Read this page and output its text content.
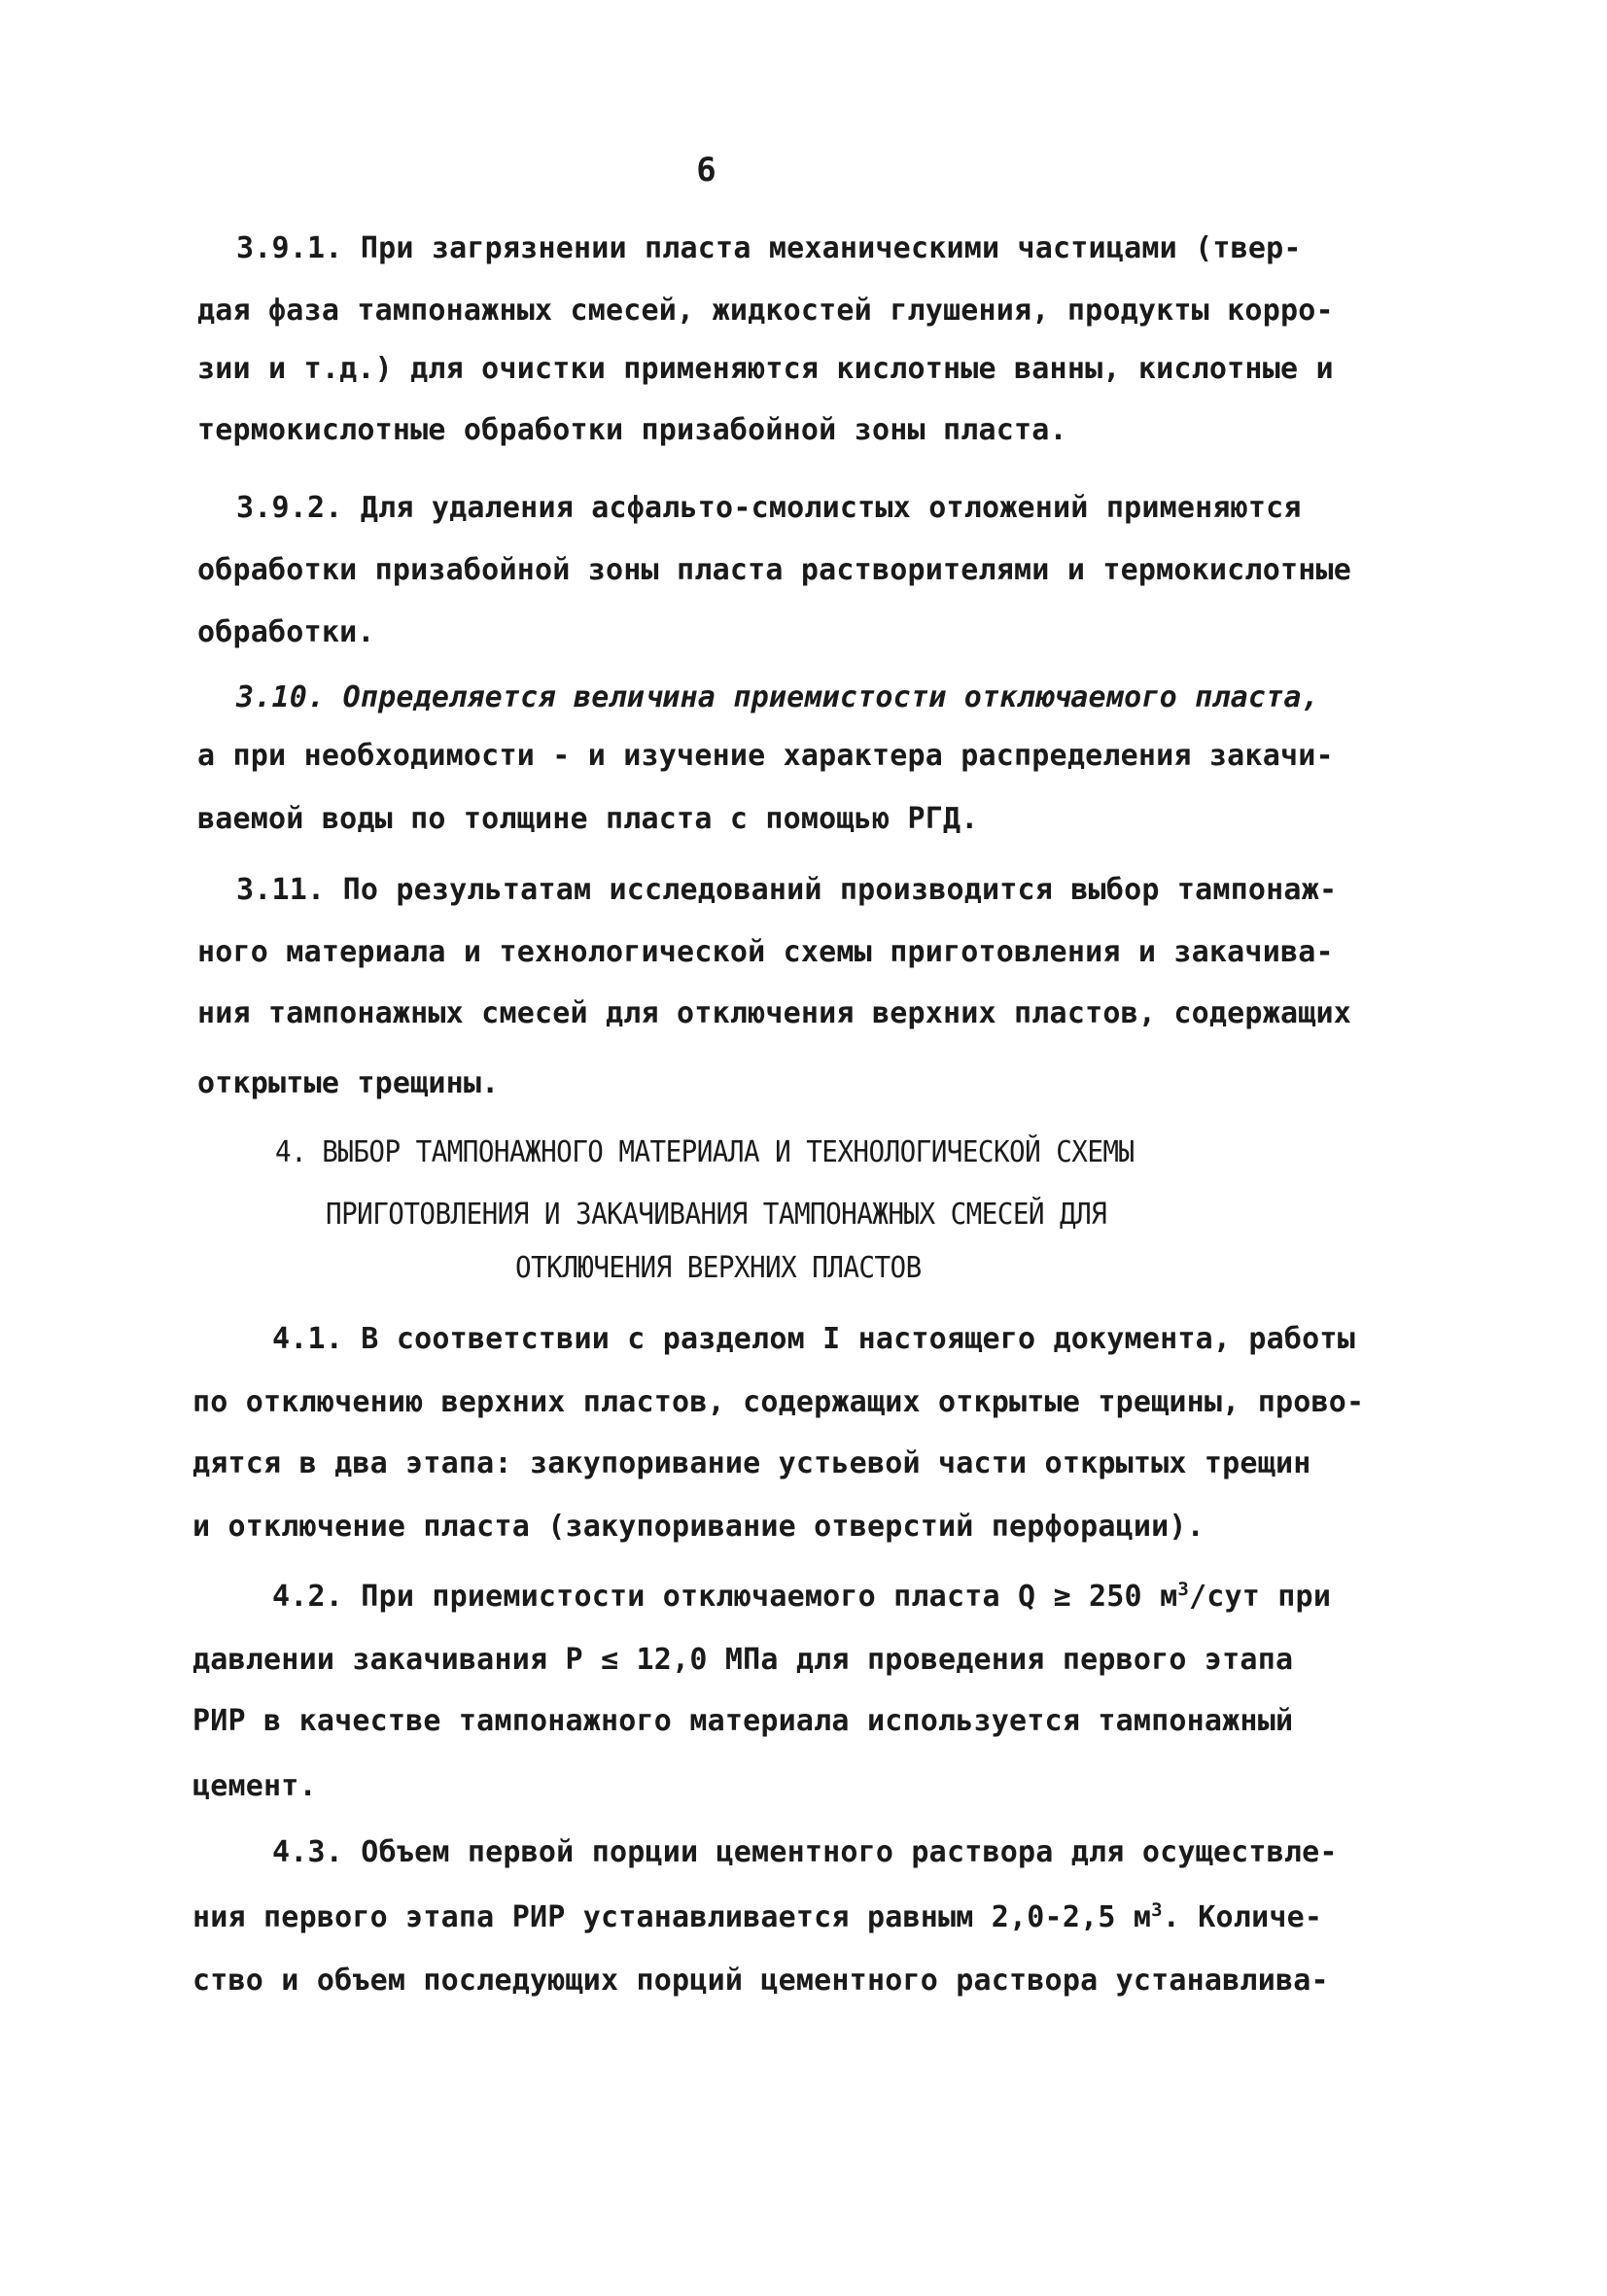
6
3.9.1. При загрязнении пласта механическими частицами (твер-
дая фаза тампонажных смесей, жидкостей глушения, продукты корро-
зии и т.д.) для очистки применяются кислотные ванны, кислотные и
термокислотные обработки призабойной зоны пласта.
3.9.2. Для удаления асфальто-смолистых отложений применяются
обработки призабойной зоны пласта растворителями и термокислотные
обработки.
3.10. Определяется величина приемистости отключаемого пласта,
а при необходимости - и изучение характера распределения закачи-
ваемой воды по толщине пласта с помощью РГД.
3.11. По результатам исследований производится выбор тампонаж-
ного материала и технологической схемы приготовления и закачива-
ния тампонажных смесей для отключения верхних пластов, содержащих
открытые трещины.
4. ВЫБОР ТАМПОНАЖНОГО МАТЕРИАЛА И ТЕХНОЛОГИЧЕСКОЙ СХЕМЫ
ПРИГОТОВЛЕНИЯ И ЗАКАЧИВАНИЯ ТАМПОНАЖНЫХ СМЕСЕЙ ДЛЯ
ОТКЛЮЧЕНИЯ ВЕРХНИХ ПЛАСТОВ
4.1. В соответствии с разделом I настоящего документа, работы
по отключению верхних пластов, содержащих открытые трещины, прово-
дятся в два этапа: закупоривание устьевой части открытых трещин
и отключение пласта (закупоривание отверстий перфорации).
4.2. При приемистости отключаемого пласта Q ≥ 250 $м^3$/сут при
давлении закачивания Р ≤ 12,0 МПа для проведения первого этапа
РИР в качестве тампонажного материала используется тампонажный
цемент.
4.3. Объем первой порции цементного раствора для осуществле-
ния первого этапа РИР устанавливается равным 2,0-2,5 $м^3$. Количе-
ство и объем последующих порций цементного раствора устанавлива-
